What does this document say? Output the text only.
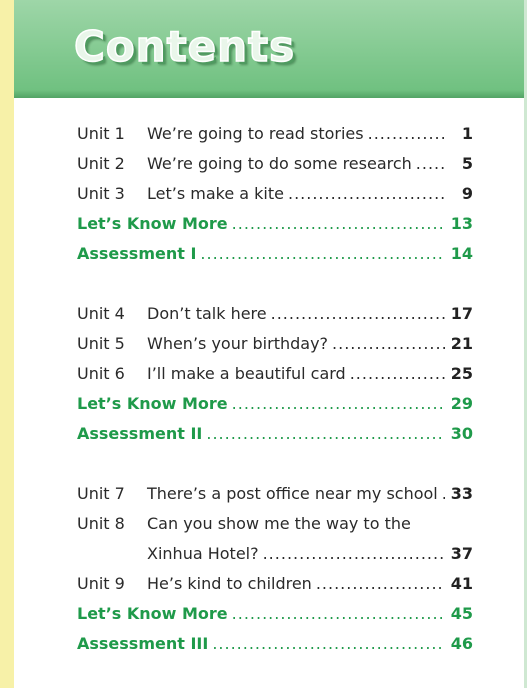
Contents
Unit 1	We’re going to read stories .....	1
Unit 2	We’re going to do some research .....	5
Unit 3	Let’s make a kite .....	9
Let’s Know More .....	13
Assessment I .....	14
Unit 4	Don’t talk here .....	17
Unit 5	When’s your birthday? .....	21
Unit 6	I’ll make a beautiful card .....	25
Let’s Know More .....	29
Assessment II .....	30
Unit 7	There’s a post office near my school ..... 33
Unit 8	Can you show me the way to the
Xinhua Hotel? .....	37
Unit 9	He’s kind to children .....	41
Let’s Know More .....	45
Assessment III .....	46
